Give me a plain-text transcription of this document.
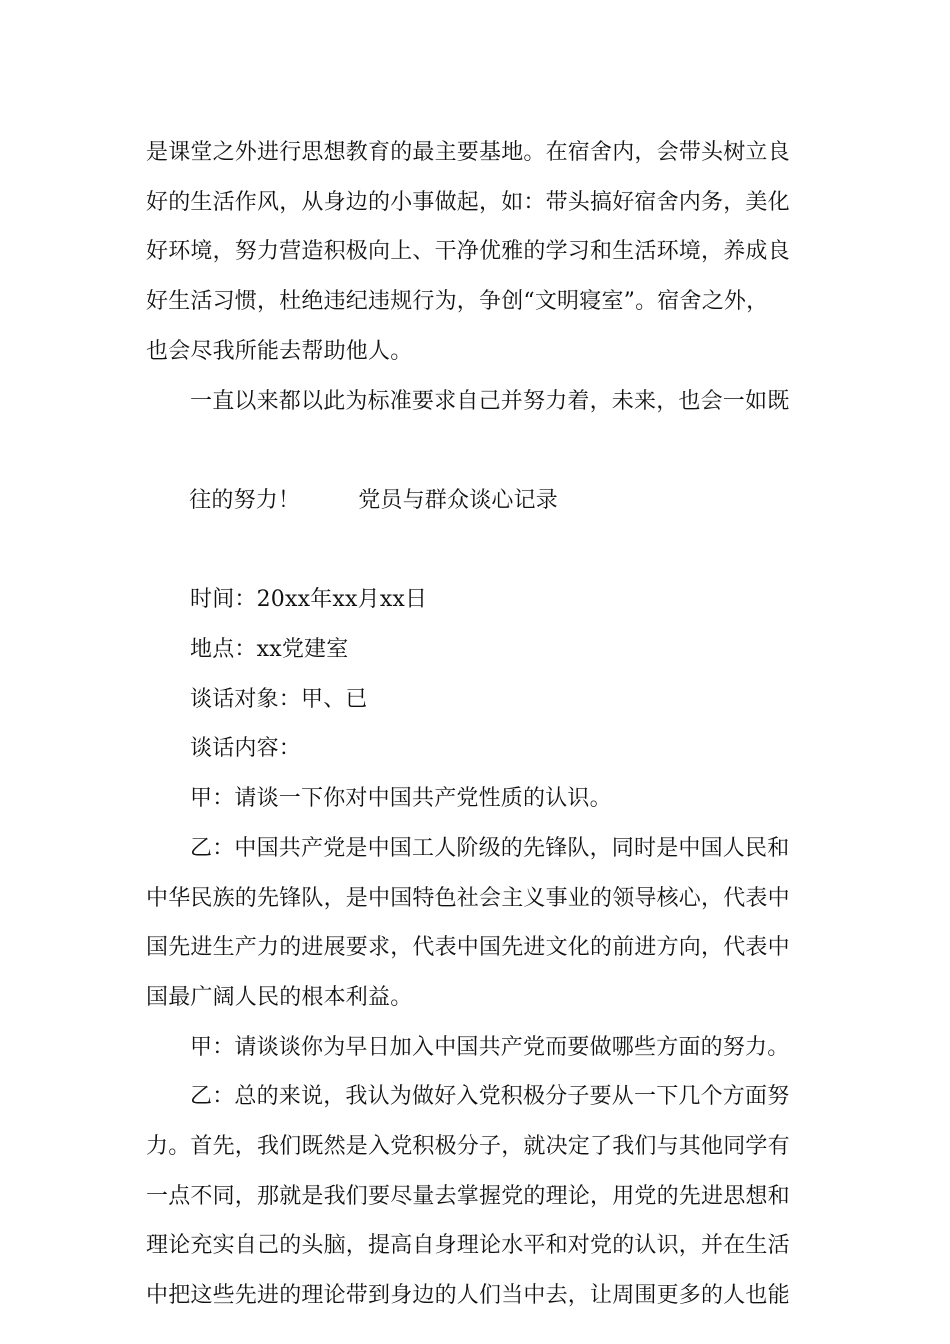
是课堂之外进行思想教育的最主要基地。在宿舍内，会带头树立良
好的生活作风，从身边的小事做起，如：带头搞好宿舍内务，美化
好环境，努力营造积极向上、干净优雅的学习和生活环境，养成良
好生活习惯，杜绝违纪违规行为，争创“文明寝室”。宿舍之外，
也会尽我所能去帮助他人。
一直以来都以此为标准要求自己并努力着，未来，也会一如既

往的努力！	党员与群众谈心记录

时间：20xx年xx月xx日
地点：xx党建室
谈话对象：甲、已
谈话内容：
甲：请谈一下你对中国共产党性质的认识。
乙：中国共产党是中国工人阶级的先锋队，同时是中国人民和
中华民族的先锋队，是中国特色社会主义事业的领导核心，代表中
国先进生产力的进展要求，代表中国先进文化的前进方向，代表中
国最广阔人民的根本利益。
甲：请谈谈你为早日加入中国共产党而要做哪些方面的努力。
乙：总的来说，我认为做好入党积极分子要从一下几个方面努
力。首先，我们既然是入党积极分子，就决定了我们与其他同学有
一点不同，那就是我们要尽量去掌握党的理论，用党的先进思想和
理论充实自己的头脑，提高自身理论水平和对党的认识，并在生活
中把这些先进的理论带到身边的人们当中去，让周围更多的人也能
